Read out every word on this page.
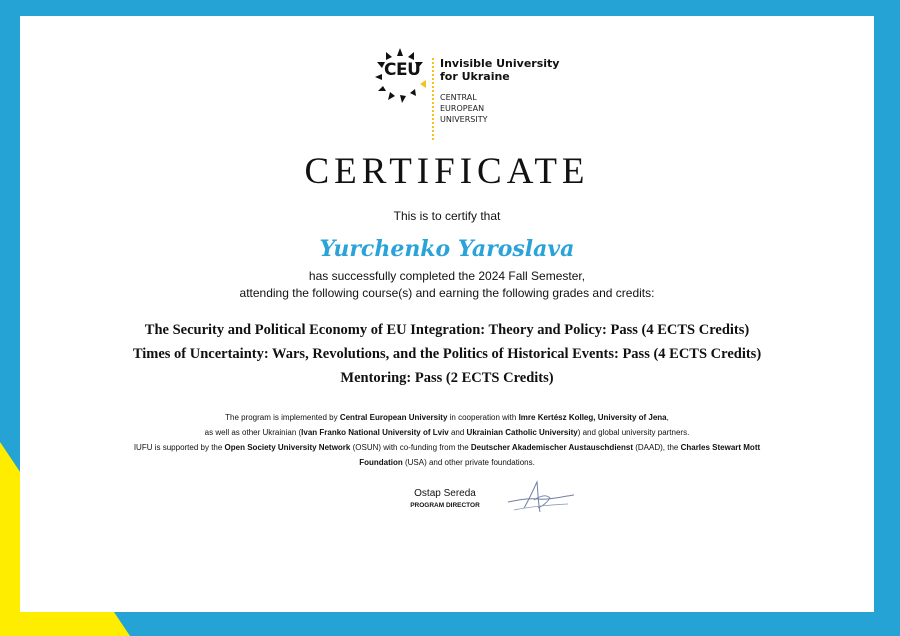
CEU Invisible University
for Ukraine
CENTRAL
EUROPEAN
UNIVERSITY
CERTIFICATE
This is to certify that
Yurchenko Yaroslava
has successfully completed the 2024 Fall Semester,
attending the following course(s) and earning the following grades and credits:
The Security and Political Economy of EU Integration: Theory and Policy: Pass (4 ECTS Credits)
Times of Uncertainty: Wars, Revolutions, and the Politics of Historical Events: Pass (4 ECTS Credits)
Mentoring: Pass (2 ECTS Credits)
The program is implemented by Central European University in cooperation with Imre Kertész Kolleg, University of Jena,
as well as other Ukrainian (Ivan Franko National University of Lviv and Ukrainian Catholic University) and global university partners.
IUFU is supported by the Open Society University Network (OSUN) with co-funding from the Deutscher Akademischer Austauschdienst (DAAD), the Charles Stewart Mott
Foundation (USA) and other private foundations.
Ostap Sereda
PROGRAM DIRECTOR
